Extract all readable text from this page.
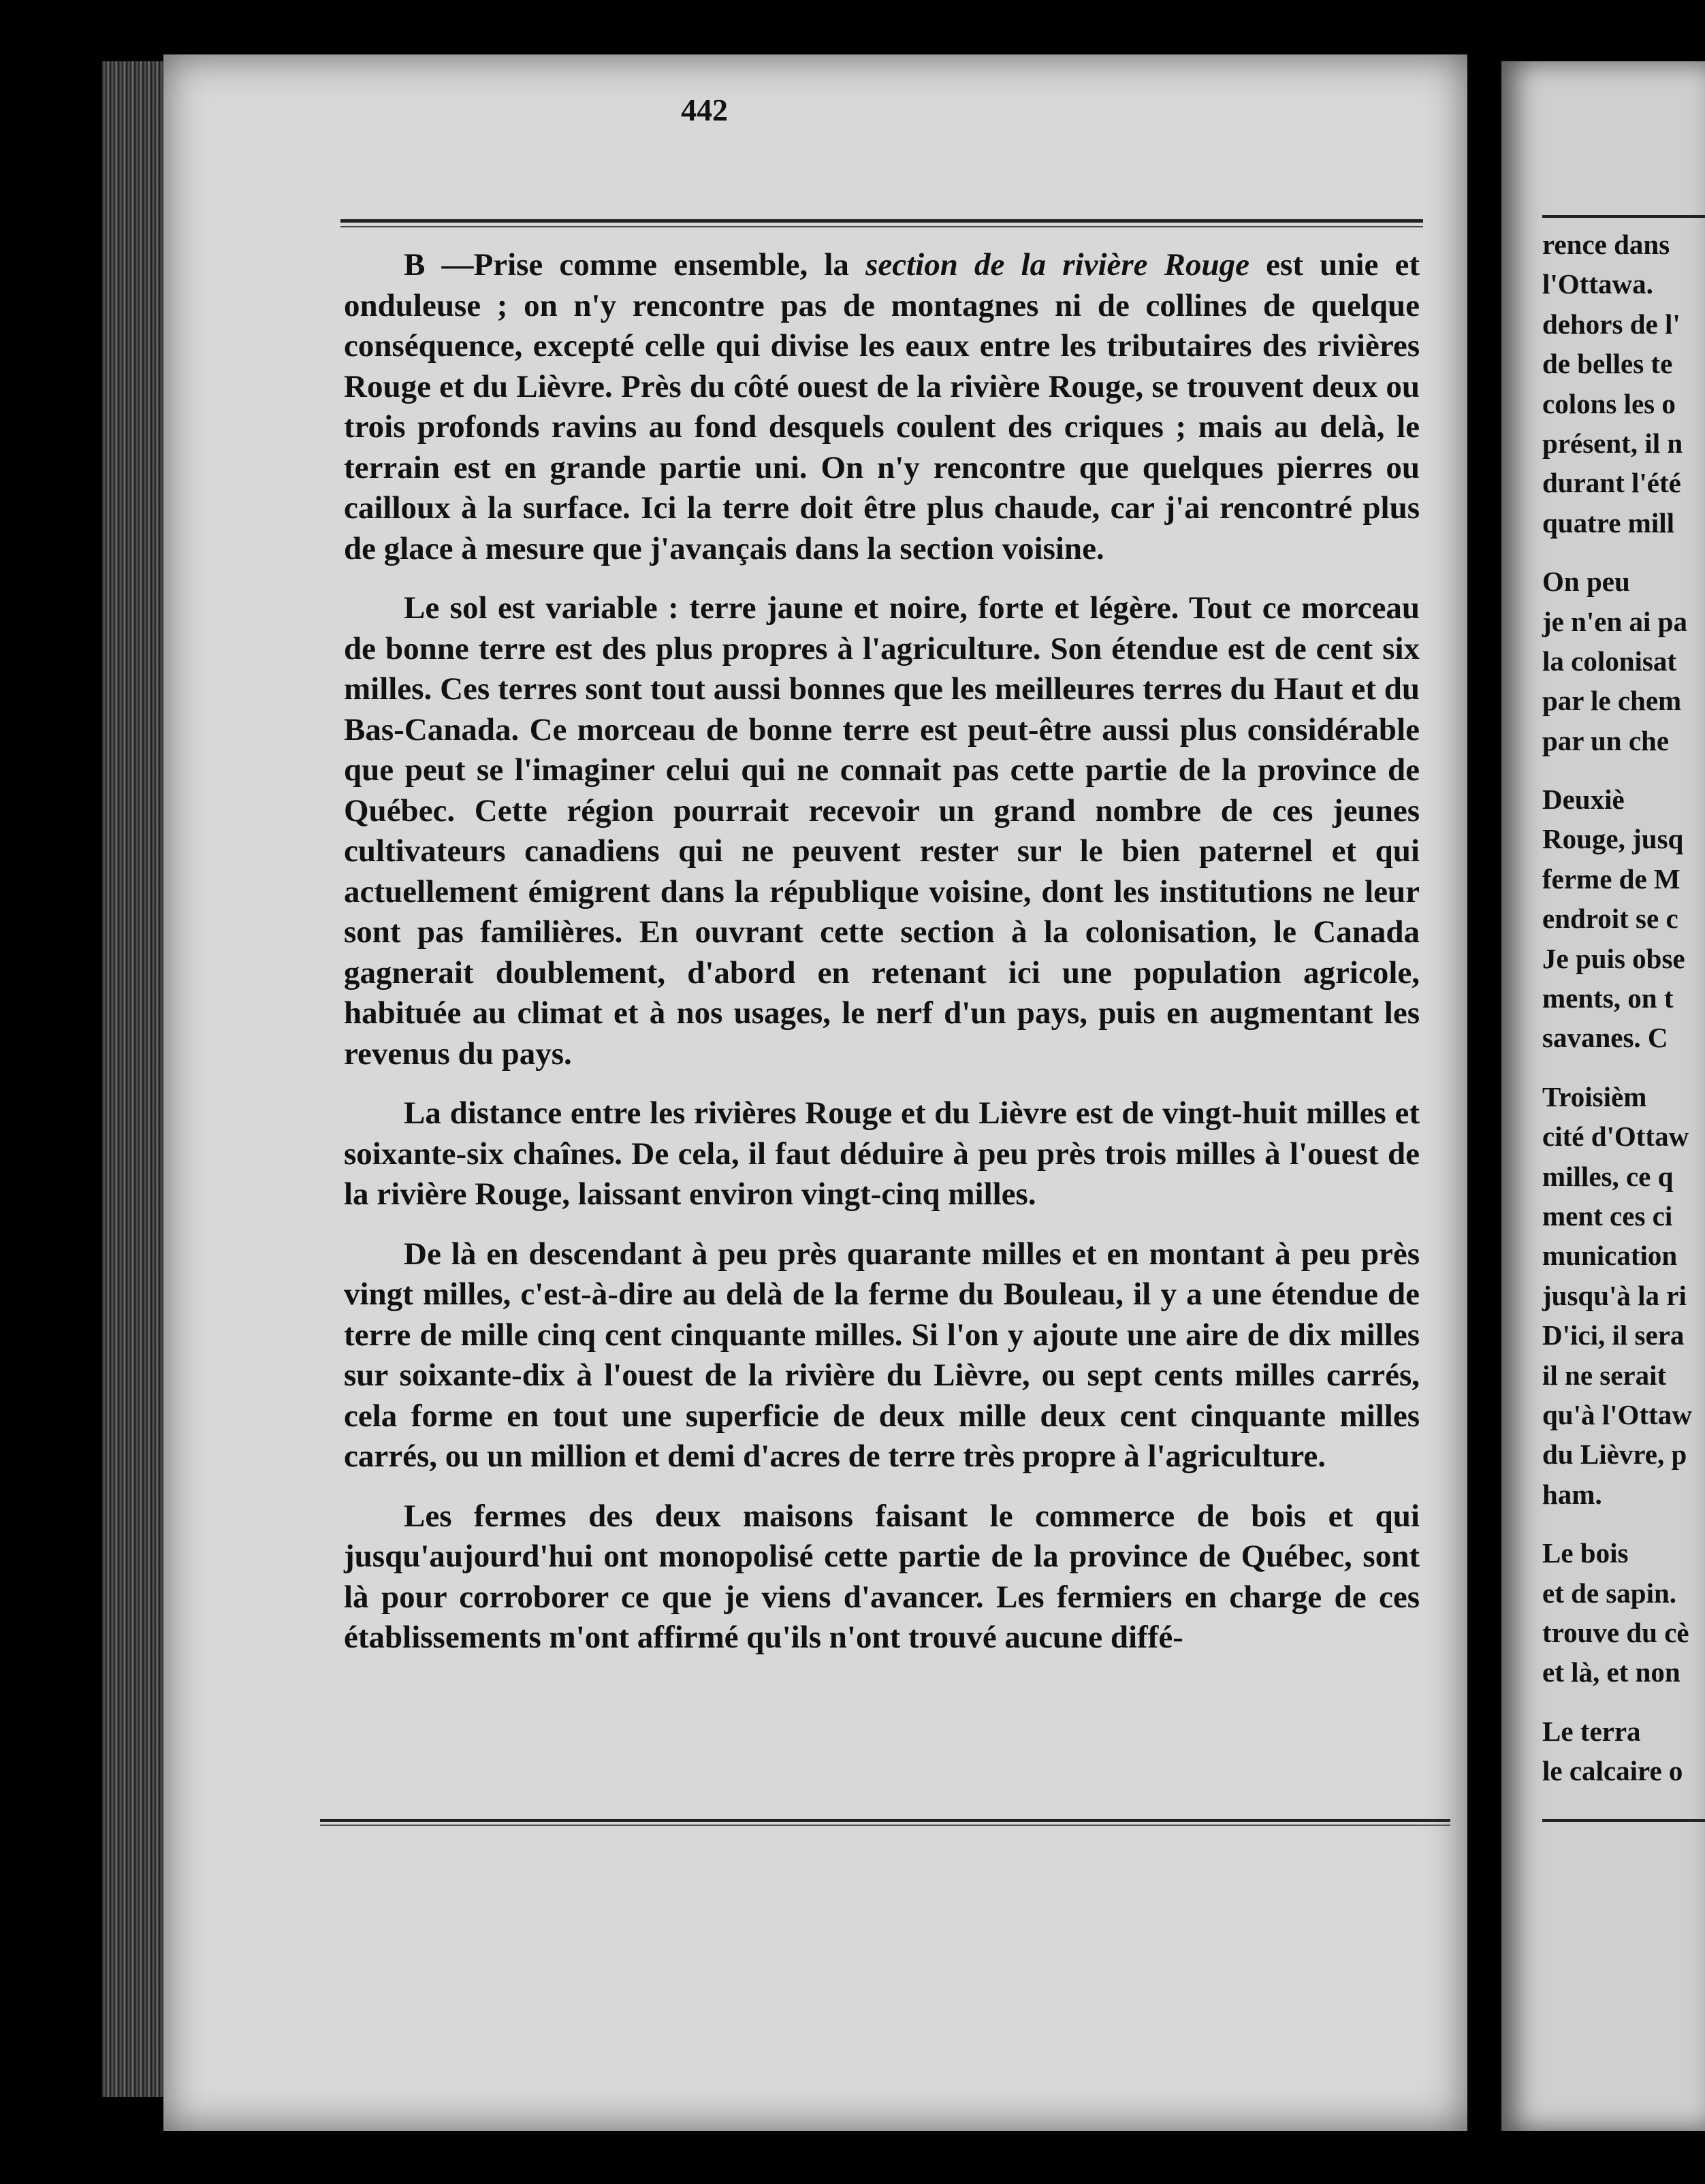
442

B —Prise comme ensemble, la section de la rivière Rouge est unie et onduleuse ; on n'y rencontre pas de montagnes ni de collines de quelque conséquence, excepté celle qui divise les eaux entre les tributaires des rivières Rouge et du Lièvre. Près du côté ouest de la rivière Rouge, se trouvent deux ou trois profonds ravins au fond desquels coulent des criques ; mais au delà, le terrain est en grande partie uni. On n'y rencontre que quelques pierres ou cailloux à la surface. Ici la terre doit être plus chaude, car j'ai rencontré plus de glace à mesure que j'avançais dans la section voisine.

Le sol est variable : terre jaune et noire, forte et légère. Tout ce morceau de bonne terre est des plus propres à l'agriculture. Son étendue est de cent six milles. Ces terres sont tout aussi bonnes que les meilleures terres du Haut et du Bas-Canada. Ce morceau de bonne terre est peut-être aussi plus considérable que peut se l'imaginer celui qui ne connait pas cette partie de la province de Québec. Cette région pourrait recevoir un grand nombre de ces jeunes cultivateurs canadiens qui ne peuvent rester sur le bien paternel et qui actuellement émigrent dans la république voisine, dont les institutions ne leur sont pas familières. En ouvrant cette section à la colonisation, le Canada gagnerait doublement, d'abord en retenant ici une population agricole, habituée au climat et à nos usages, le nerf d'un pays, puis en augmentant les revenus du pays.

La distance entre les rivières Rouge et du Lièvre est de vingt-huit milles et soixante-six chaînes. De cela, il faut déduire à peu près trois milles à l'ouest de la rivière Rouge, laissant environ vingt-cinq milles.

De là en descendant à peu près quarante milles et en montant à peu près vingt milles, c'est-à-dire au delà de la ferme du Bouleau, il y a une étendue de terre de mille cinq cent cinquante milles. Si l'on y ajoute une aire de dix milles sur soixante-dix à l'ouest de la rivière du Lièvre, ou sept cents milles carrés, cela forme en tout une superficie de deux mille deux cent cinquante milles carrés, ou un million et demi d'acres de terre très propre à l'agriculture.

Les fermes des deux maisons faisant le commerce de bois et qui jusqu'aujourd'hui ont monopolisé cette partie de la province de Québec, sont là pour corroborer ce que je viens d'avancer. Les fermiers en charge de ces établissements m'ont affirmé qu'ils n'ont trouvé aucune diffé-

rence dans
l'Ottawa.
dehors de l'
de belles te
colons les o
présent, il n
durant l'été
quatre mill
On peu
je n'en ai pa
la colonisat
par le chem
par un che
Deuxiè
Rouge, jusq
ferme de M
endroit se c
Je puis obse
ments, on t
savanes. C
Troisièm
cité d'Ottaw
milles, ce q
ment ces ci
munication
jusqu'à la ri
D'ici, il sera
il ne serait
qu'à l'Ottaw
du Lièvre, p
ham.
Le bois
et de sapin.
trouve du cè
et là, et non
Le terra
le calcaire o
